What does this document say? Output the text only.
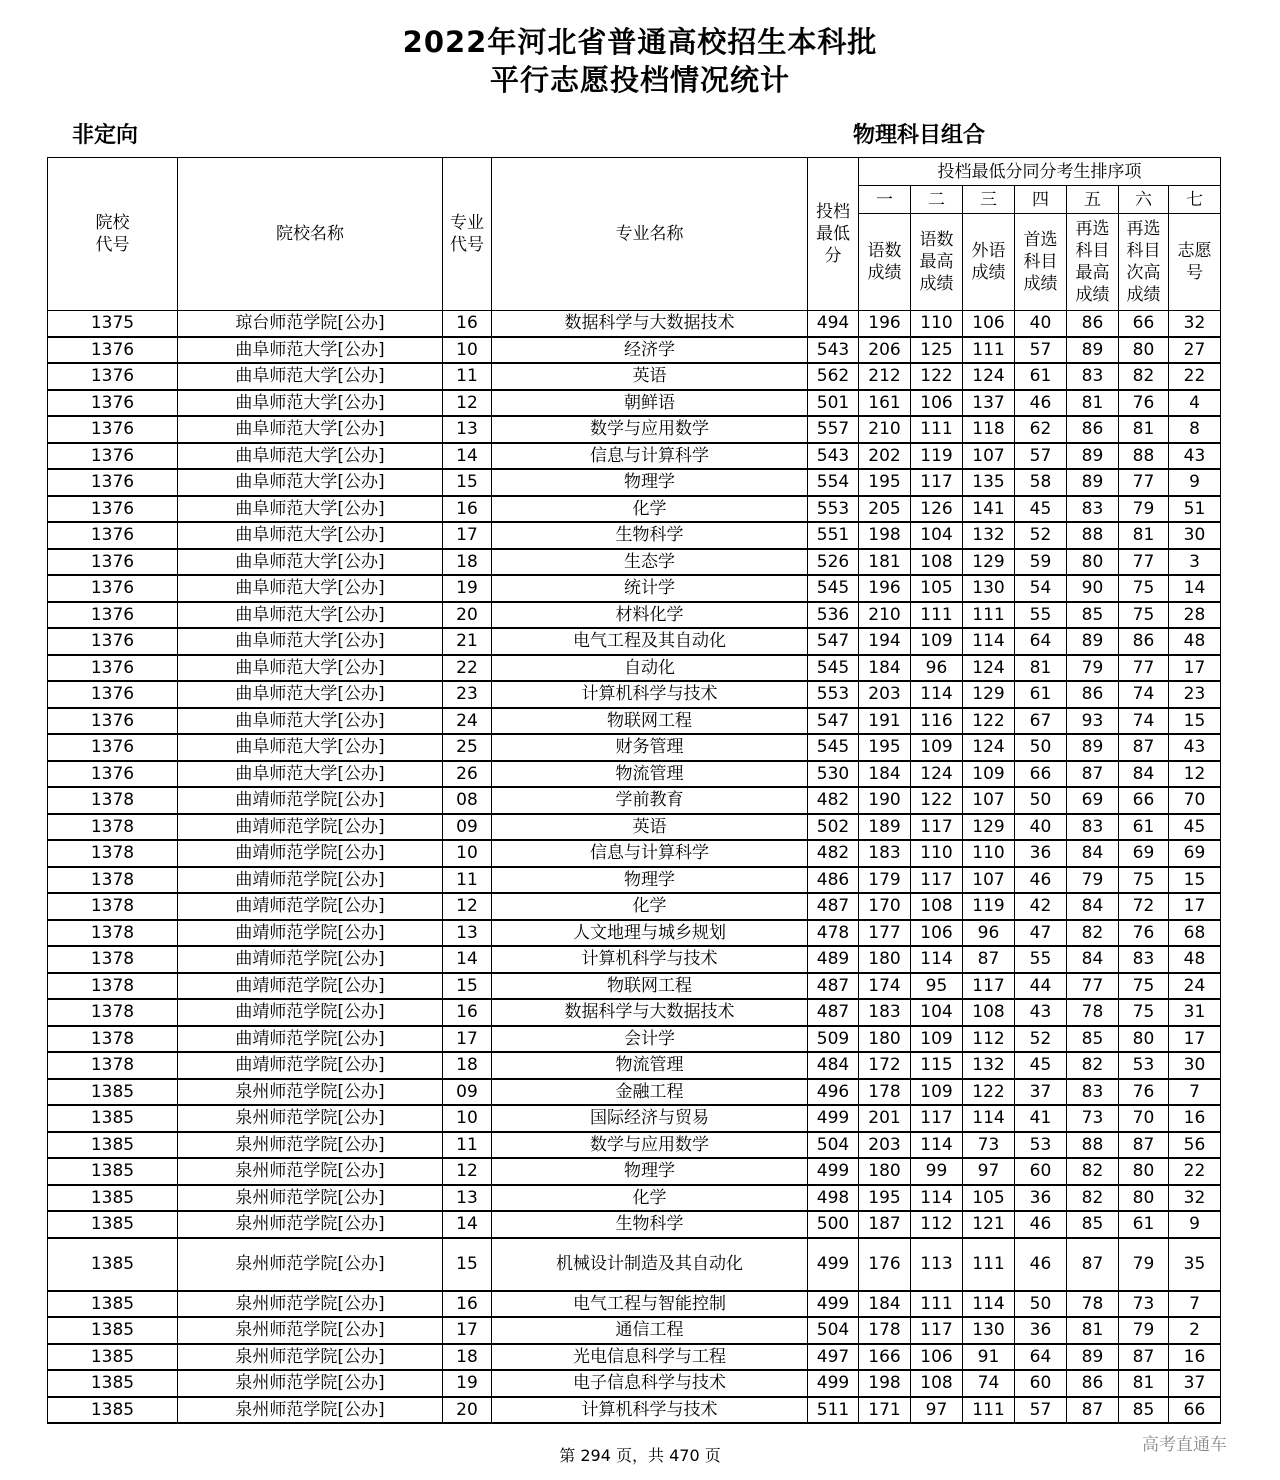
2022年河北省普通高校招生本科批
平行志愿投档情况统计
非定向	物理科目组合
院校代号	院校名称	专业代号	专业名称	投档最低分	投档最低分同分考生排序项						
					一	二	三	四	五	六	七

					语数成绩	语数最高成绩	外语成绩	首选科目成绩	再选科目最高成绩	再选科目次高成绩	志愿号

1375	琼台师范学院[公办]	16	数据科学与大数据技术	494	196	110	106	40	86	66	32
1376	曲阜师范大学[公办]	10	经济学	543	206	125	111	57	89	80	27
1376	曲阜师范大学[公办]	11	英语	562	212	122	124	61	83	82	22
1376	曲阜师范大学[公办]	12	朝鲜语	501	161	106	137	46	81	76	4
1376	曲阜师范大学[公办]	13	数学与应用数学	557	210	111	118	62	86	81	8
1376	曲阜师范大学[公办]	14	信息与计算科学	543	202	119	107	57	89	88	43
1376	曲阜师范大学[公办]	15	物理学	554	195	117	135	58	89	77	9
1376	曲阜师范大学[公办]	16	化学	553	205	126	141	45	83	79	51
1376	曲阜师范大学[公办]	17	生物科学	551	198	104	132	52	88	81	30
1376	曲阜师范大学[公办]	18	生态学	526	181	108	129	59	80	77	3
1376	曲阜师范大学[公办]	19	统计学	545	196	105	130	54	90	75	14
1376	曲阜师范大学[公办]	20	材料化学	536	210	111	111	55	85	75	28
1376	曲阜师范大学[公办]	21	电气工程及其自动化	547	194	109	114	64	89	86	48
1376	曲阜师范大学[公办]	22	自动化	545	184	96	124	81	79	77	17
1376	曲阜师范大学[公办]	23	计算机科学与技术	553	203	114	129	61	86	74	23
1376	曲阜师范大学[公办]	24	物联网工程	547	191	116	122	67	93	74	15
1376	曲阜师范大学[公办]	25	财务管理	545	195	109	124	50	89	87	43
1376	曲阜师范大学[公办]	26	物流管理	530	184	124	109	66	87	84	12
1378	曲靖师范学院[公办]	08	学前教育	482	190	122	107	50	69	66	70
1378	曲靖师范学院[公办]	09	英语	502	189	117	129	40	83	61	45
1378	曲靖师范学院[公办]	10	信息与计算科学	482	183	110	110	36	84	69	69
1378	曲靖师范学院[公办]	11	物理学	486	179	117	107	46	79	75	15
1378	曲靖师范学院[公办]	12	化学	487	170	108	119	42	84	72	17
1378	曲靖师范学院[公办]	13	人文地理与城乡规划	478	177	106	96	47	82	76	68
1378	曲靖师范学院[公办]	14	计算机科学与技术	489	180	114	87	55	84	83	48
1378	曲靖师范学院[公办]	15	物联网工程	487	174	95	117	44	77	75	24
1378	曲靖师范学院[公办]	16	数据科学与大数据技术	487	183	104	108	43	78	75	31
1378	曲靖师范学院[公办]	17	会计学	509	180	109	112	52	85	80	17
1378	曲靖师范学院[公办]	18	物流管理	484	172	115	132	45	82	53	30
1385	泉州师范学院[公办]	09	金融工程	496	178	109	122	37	83	76	7
1385	泉州师范学院[公办]	10	国际经济与贸易	499	201	117	114	41	73	70	16
1385	泉州师范学院[公办]	11	数学与应用数学	504	203	114	73	53	88	87	56
1385	泉州师范学院[公办]	12	物理学	499	180	99	97	60	82	80	22
1385	泉州师范学院[公办]	13	化学	498	195	114	105	36	82	80	32
1385	泉州师范学院[公办]	14	生物科学	500	187	112	121	46	85	61	9
1385	泉州师范学院[公办]	15	机械设计制造及其自动化	499	176	113	111	46	87	79	35
1385	泉州师范学院[公办]	16	电气工程与智能控制	499	184	111	114	50	78	73	7
1385	泉州师范学院[公办]	17	通信工程	504	178	117	130	36	81	79	2
1385	泉州师范学院[公办]	18	光电信息科学与工程	497	166	106	91	64	89	87	16
1385	泉州师范学院[公办]	19	电子信息科学与技术	499	198	108	74	60	86	81	37
1385	泉州师范学院[公办]	20	计算机科学与技术	511	171	97	111	57	87	85	66
第 294 页，共 470 页
高考直通车
